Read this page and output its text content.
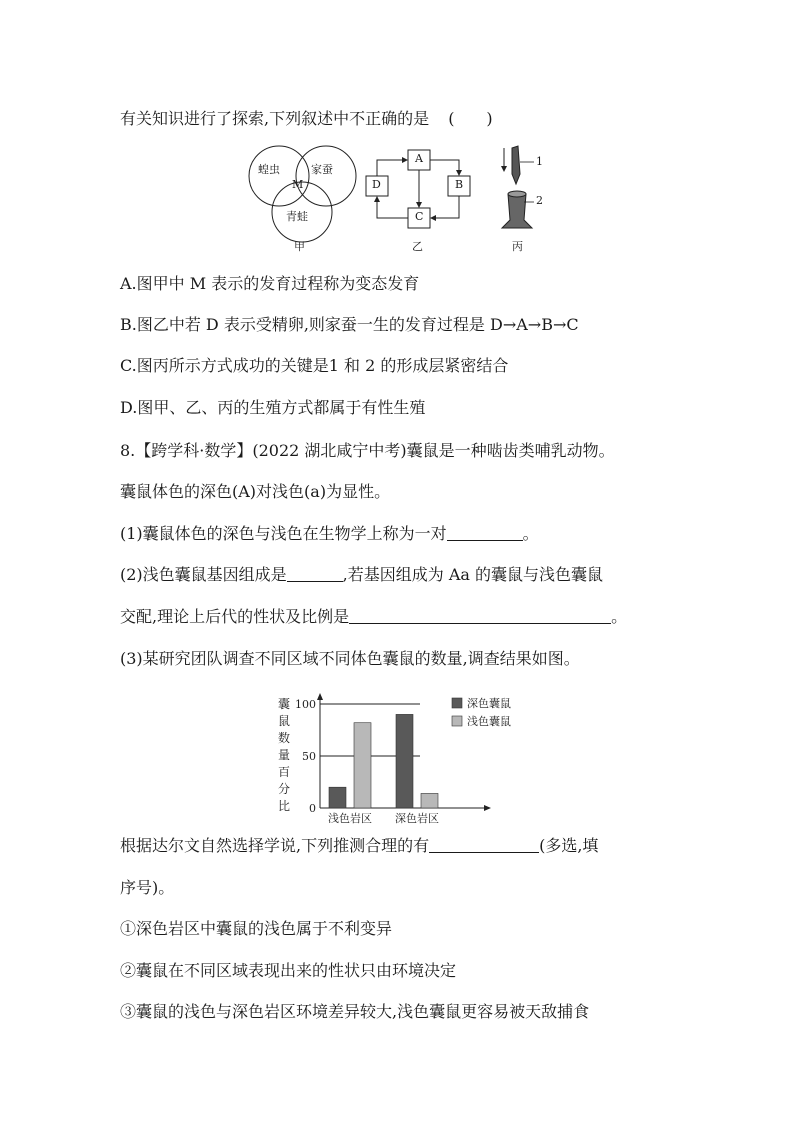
有关知识进行了探索,下列叙述中不正确的是 (　　)
蝗虫	家蚕
M
青蛙
甲
A
B
C
D
乙
1
2
丙
A.图甲中 M 表示的发育过程称为变态发育
B.图乙中若 D 表示受精卵,则家蚕一生的发育过程是 D→A→B→C
C.图丙所示方式成功的关键是1 和 2 的形成层紧密结合
D.图甲、乙、丙的生殖方式都属于有性生殖
8.【跨学科·数学】(2022 湖北咸宁中考)囊鼠是一种啮齿类哺乳动物。
囊鼠体色的深色(A)对浅色(a)为显性。
(1)囊鼠体色的深色与浅色在生物学上称为一对	。
(2)浅色囊鼠基因组成是	,若基因组成为 Aa 的囊鼠与浅色囊鼠
交配,理论上后代的性状及比例是	。
(3)某研究团队调查不同区域不同体色囊鼠的数量,调查结果如图。
囊
鼠
数
量
百
分
比 0
50
100
浅色岩区 深色岩区
深色囊鼠
浅色囊鼠
根据达尔文自然选择学说,下列推测合理的有	(多选,填
序号)。
①深色岩区中囊鼠的浅色属于不利变异
②囊鼠在不同区域表现出来的性状只由环境决定
③囊鼠的浅色与深色岩区环境差异较大,浅色囊鼠更容易被天敌捕食
